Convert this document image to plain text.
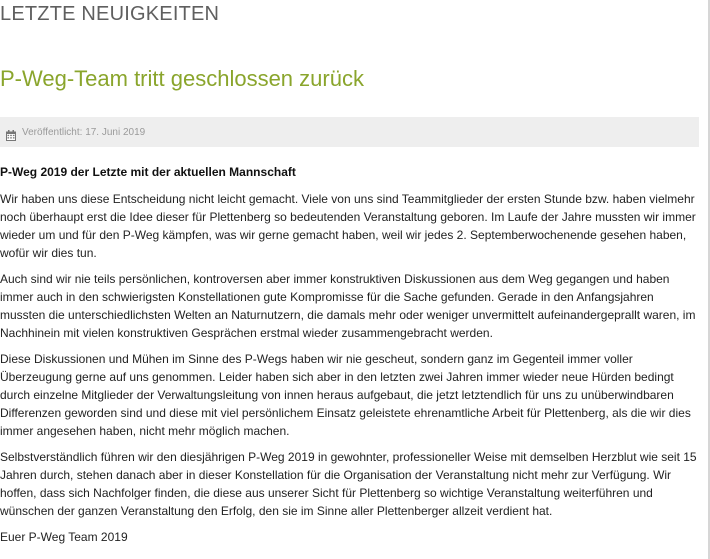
LETZTE NEUIGKEITEN
P-Weg-Team tritt geschlossen zurück
Veröffentlicht: 17. Juni 2019

P-Weg 2019 der Letzte mit der aktuellen Mannschaft

Wir haben uns diese Entscheidung nicht leicht gemacht. Viele von uns sind Teammitglieder der ersten Stunde bzw. haben vielmehr noch überhaupt erst die Idee dieser für Plettenberg so bedeutenden Veranstaltung geboren. Im Laufe der Jahre mussten wir immer wieder um und für den P-Weg kämpfen, was wir gerne gemacht haben, weil wir jedes 2. Septemberwochenende gesehen haben, wofür wir dies tun.

Auch sind wir nie teils persönlichen, kontroversen aber immer konstruktiven Diskussionen aus dem Weg gegangen und haben immer auch in den schwierigsten Konstellationen gute Kompromisse für die Sache gefunden. Gerade in den Anfangsjahren mussten die unterschiedlichsten Welten an Naturnutzern, die damals mehr oder weniger unvermittelt aufeinandergeprallt waren, im Nachhinein mit vielen konstruktiven Gesprächen erstmal wieder zusammengebracht werden.

Diese Diskussionen und Mühen im Sinne des P-Wegs haben wir nie gescheut, sondern ganz im Gegenteil immer voller Überzeugung gerne auf uns genommen. Leider haben sich aber in den letzten zwei Jahren immer wieder neue Hürden bedingt durch einzelne Mitglieder der Verwaltungsleitung von innen heraus aufgebaut, die jetzt letztendlich für uns zu unüberwindbaren Differenzen geworden sind und diese mit viel persönlichem Einsatz geleistete ehrenamtliche Arbeit für Plettenberg, als die wir dies immer angesehen haben, nicht mehr möglich machen.

Selbstverständlich führen wir den diesjährigen P-Weg 2019 in gewohnter, professioneller Weise mit demselben Herzblut wie seit 15 Jahren durch, stehen danach aber in dieser Konstellation für die Organisation der Veranstaltung nicht mehr zur Verfügung. Wir hoffen, dass sich Nachfolger finden, die diese aus unserer Sicht für Plettenberg so wichtige Veranstaltung weiterführen und wünschen der ganzen Veranstaltung den Erfolg, den sie im Sinne aller Plettenberger allzeit verdient hat.

Euer P-Weg Team 2019
